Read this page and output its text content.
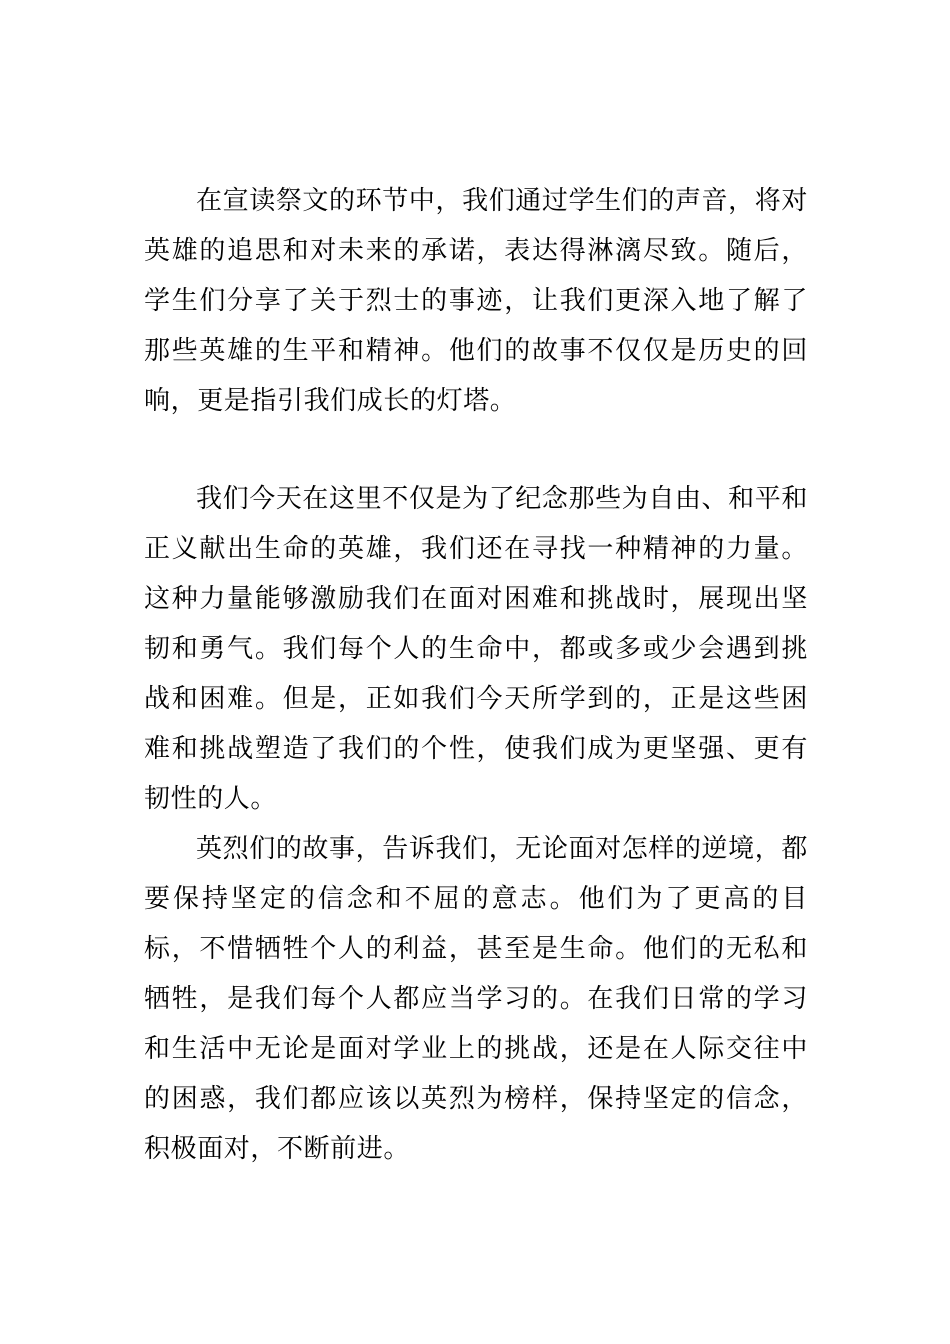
在宣读祭文的环节中，我们通过学生们的声音，将对英雄的追思和对未来的承诺，表达得淋漓尽致。随后，学生们分享了关于烈士的事迹，让我们更深入地了解了那些英雄的生平和精神。他们的故事不仅仅是历史的回响，更是指引我们成长的灯塔。

我们今天在这里不仅是为了纪念那些为自由、和平和正义献出生命的英雄，我们还在寻找一种精神的力量。这种力量能够激励我们在面对困难和挑战时，展现出坚韧和勇气。我们每个人的生命中，都或多或少会遇到挑战和困难。但是，正如我们今天所学到的，正是这些困难和挑战塑造了我们的个性，使我们成为更坚强、更有韧性的人。

英烈们的故事，告诉我们，无论面对怎样的逆境，都要保持坚定的信念和不屈的意志。他们为了更高的目标，不惜牺牲个人的利益，甚至是生命。他们的无私和牺牲，是我们每个人都应当学习的。在我们日常的学习和生活中无论是面对学业上的挑战，还是在人际交往中的困惑，我们都应该以英烈为榜样，保持坚定的信念，积极面对，不断前进。
